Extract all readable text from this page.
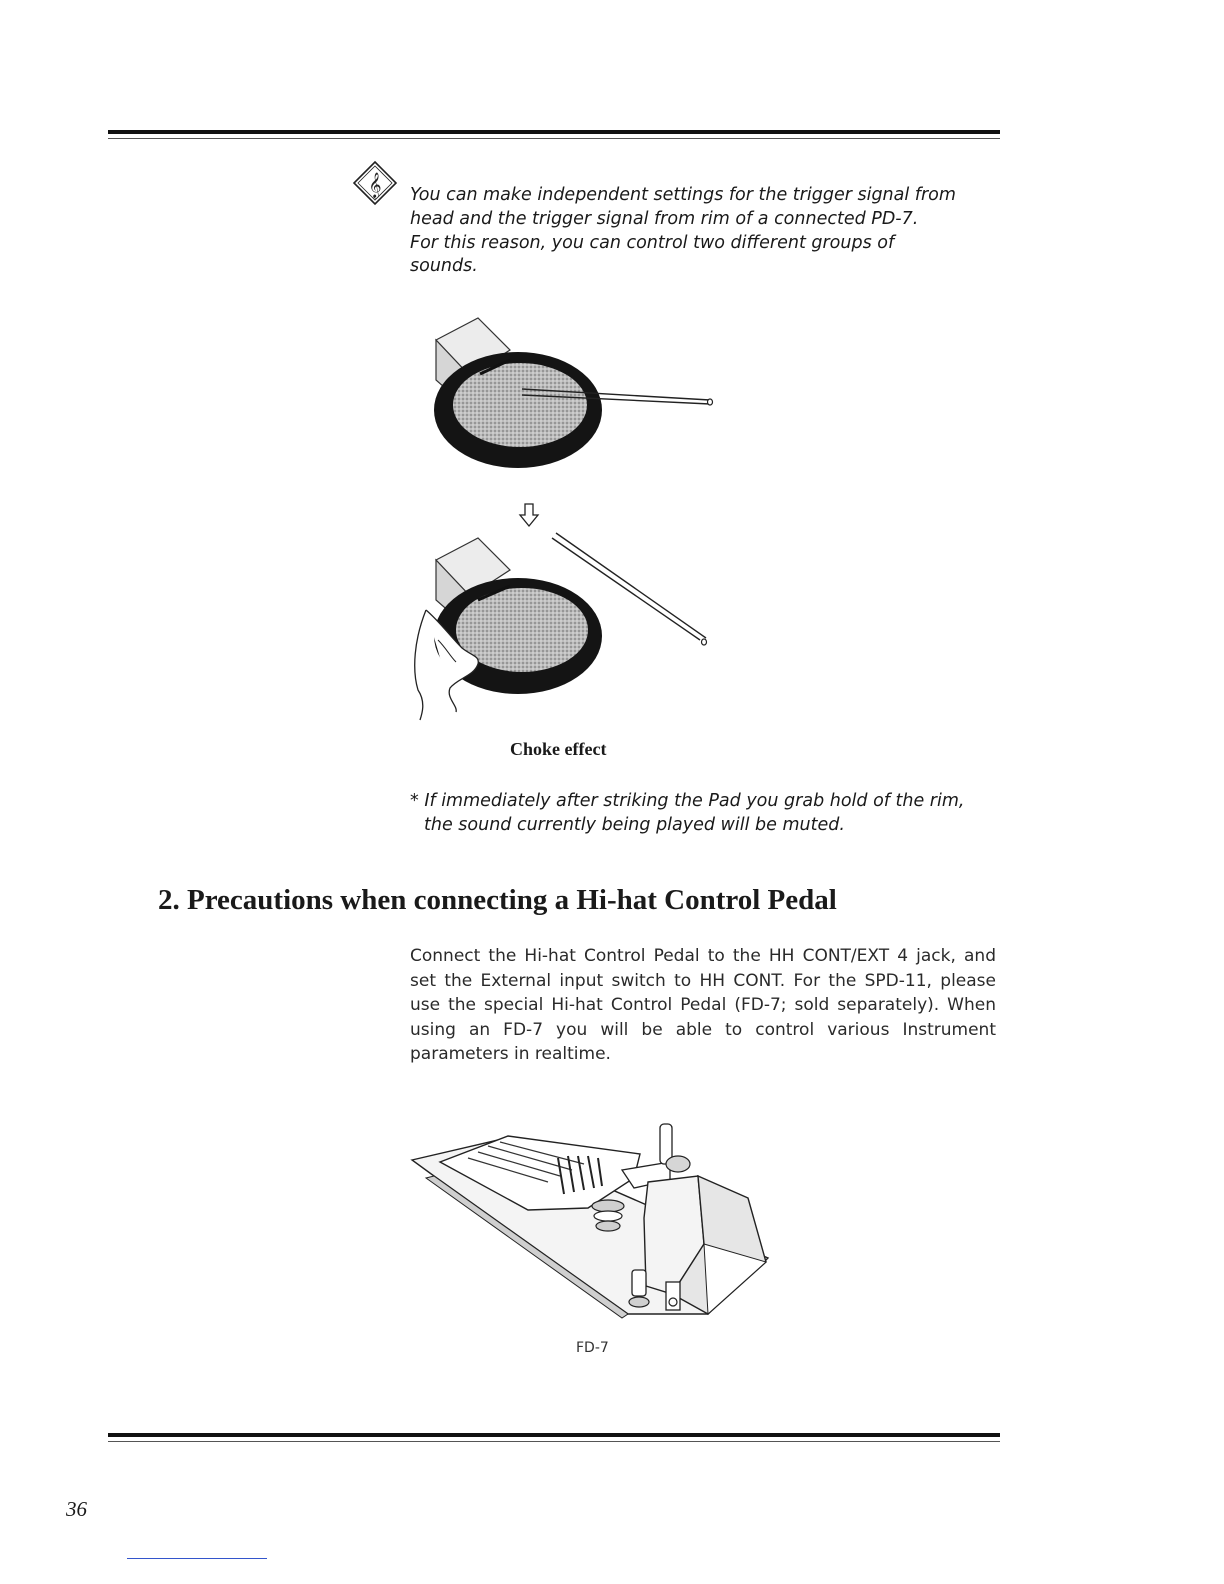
𝄞 You can make independent settings for the trigger signal from
head and the trigger signal from rim of a connected PD-7.
For this reason, you can control two different groups of
sounds.
Choke effect
* If immediately after striking the Pad you grab hold of the rim,
the sound currently being played will be muted.
2. Precautions when connecting a Hi-hat Control Pedal

Connect the Hi-hat Control Pedal to the HH CONT/EXT 4 jack, and set the External input switch to HH CONT. For the SPD-11, please use the special Hi-hat Control Pedal (FD-7; sold separately). When using an FD-7 you will be able to control various Instrument parameters in realtime.

FD-7
36
